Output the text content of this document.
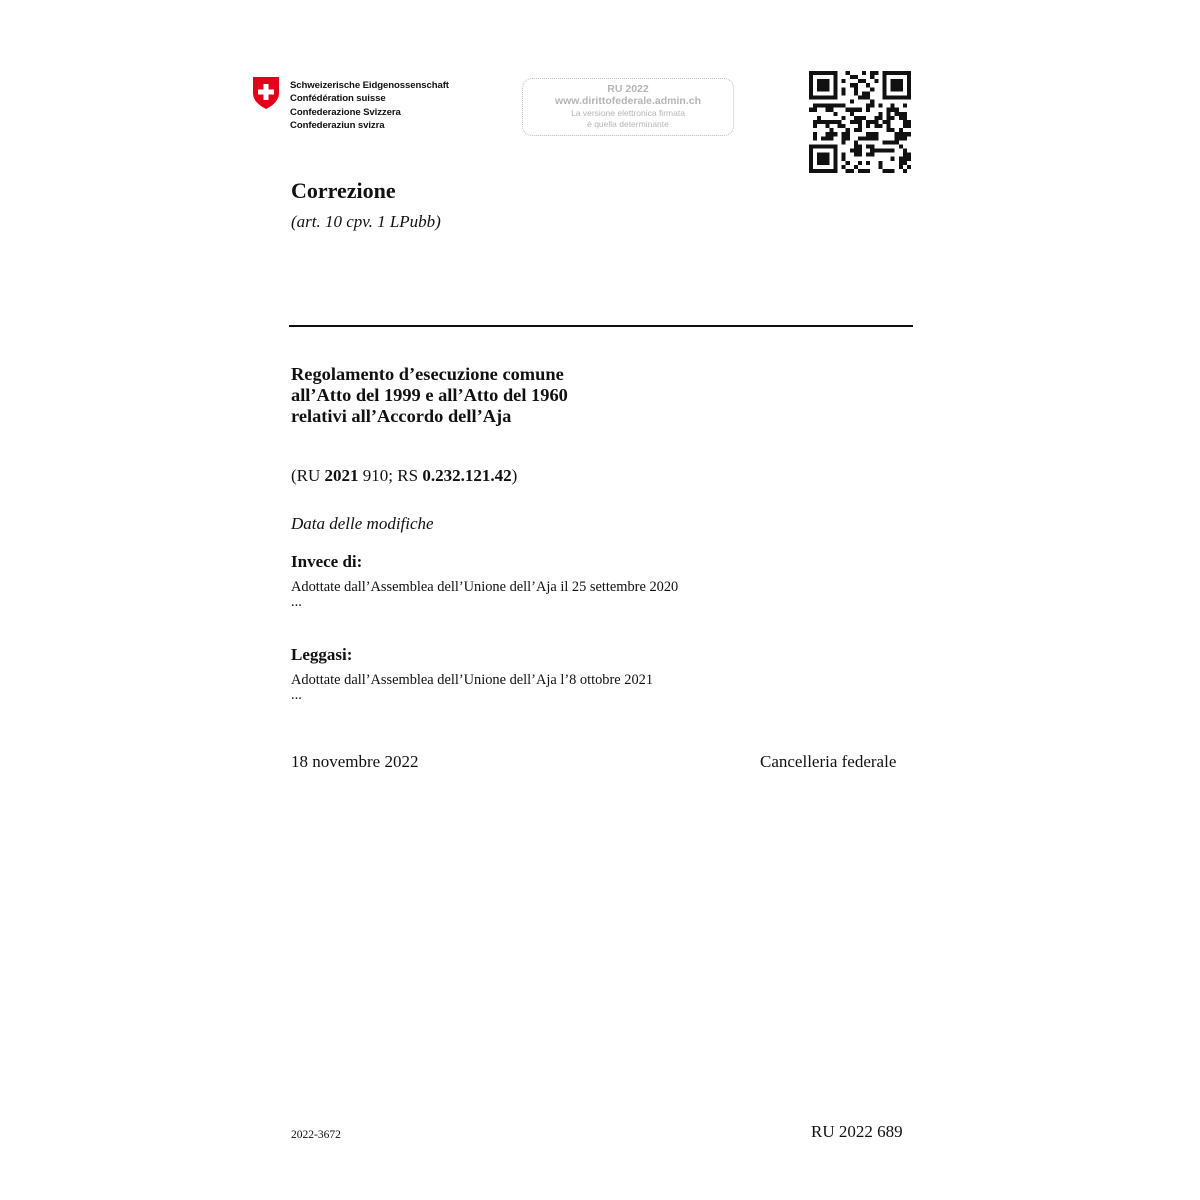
Schweizerische Eidgenossenschaft
Confédération suisse
Confederazione Svizzera
Confederaziun svizra
RU 2022
www.dirittofederale.admin.ch
La versione elettronica firmata
è quella determinante
Correzione
(art. 10 cpv. 1 LPubb)
Regolamento d’esecuzione comune
all’Atto del 1999 e all’Atto del 1960
relativi all’Accordo dell’Aja
(RU 2021 910; RS 0.232.121.42)
Data delle modifiche
Invece di:
Adottate dall’Assemblea dell’Unione dell’Aja il 25 settembre 2020
...
Leggasi:
Adottate dall’Assemblea dell’Unione dell’Aja l’8 ottobre 2021
...
18 novembre 2022	Cancelleria federale
2022-3672	RU 2022 689
